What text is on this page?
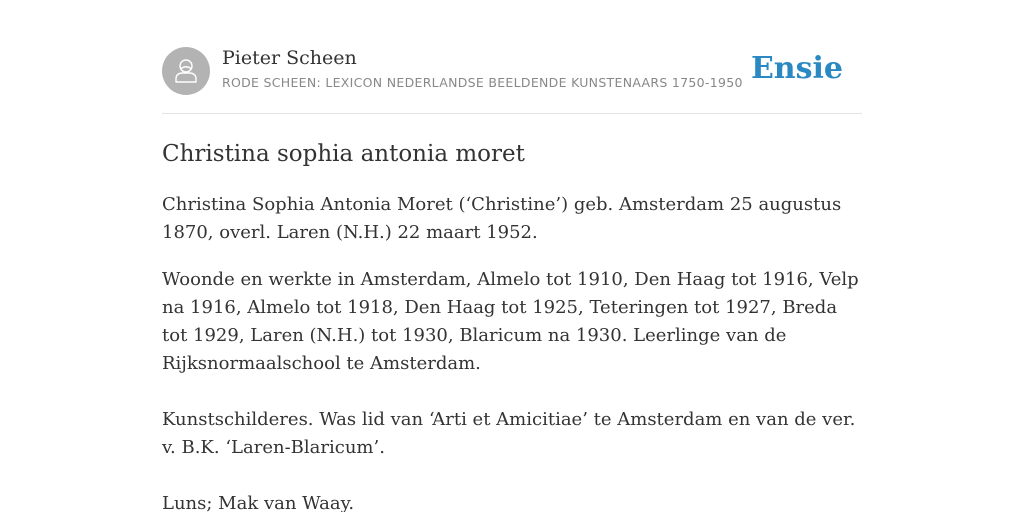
Pieter Scheen
RODE SCHEEN: LEXICON NEDERLANDSE BEELDENDE KUNSTENAARS 1750-1950 Ensie
Christina sophia antonia moret

Christina Sophia Antonia Moret (‘Christine’) geb. Amsterdam 25 augustus 1870, overl. Laren (N.H.) 22 maart 1952.

Woonde en werkte in Amsterdam, Almelo tot 1910, Den Haag tot 1916, Velp na 1916, Almelo tot 1918, Den Haag tot 1925, Teteringen tot 1927, Breda tot 1929, Laren (N.H.) tot 1930, Blaricum na 1930. Leerlinge van de Rijksnormaalschool te Amsterdam.

Kunstschilderes. Was lid van ‘Arti et Amicitiae’ te Amsterdam en van de ver. v. B.K. ‘Laren-Blaricum’.

Luns; Mak van Waay.
